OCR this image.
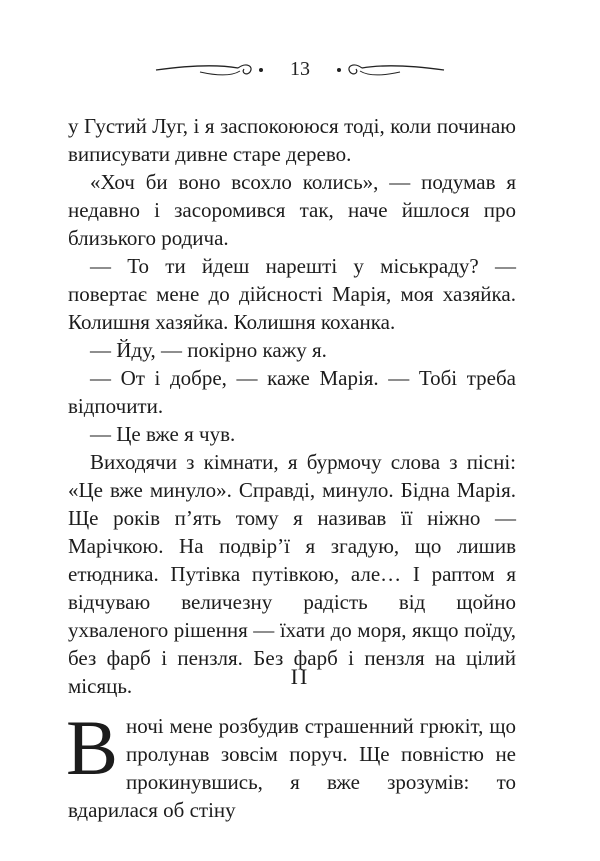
13

у Густий Луг, і я заспокоююся тоді, коли починаю виписувати дивне старе дерево.

«Хоч би воно всохло колись», — подумав я недавно і засоромився так, наче йшлося про близького родича.

— То ти йдеш нарешті у міськраду? — повертає мене до дійсності Марія, моя хазяйка. Колишня хазяйка. Колишня коханка.

— Йду, — покірно кажу я.

— От і добре, — каже Марія. — Тобі треба відпочити.

— Це вже я чув.

Виходячи з кімнати, я бурмочу слова з пісні: «Це вже минуло». Справді, минуло. Бідна Марія. Ще років п’ять тому я називав її ніжно — Марічкою. На подвір’ї я згадую, що лишив етюдника. Путівка путівкою, але… І раптом я відчуваю величезну радість від щойно ухваленого рішення — їхати до моря, якщо поїду, без фарб і пензля. Без фарб і пензля на цілий місяць.	II
В ночі мене розбудив страшенний грюкіт, що пролунав зовсім поруч. Ще повністю не прокинувшись, я вже зрозумів: то вдарилася об стіну
